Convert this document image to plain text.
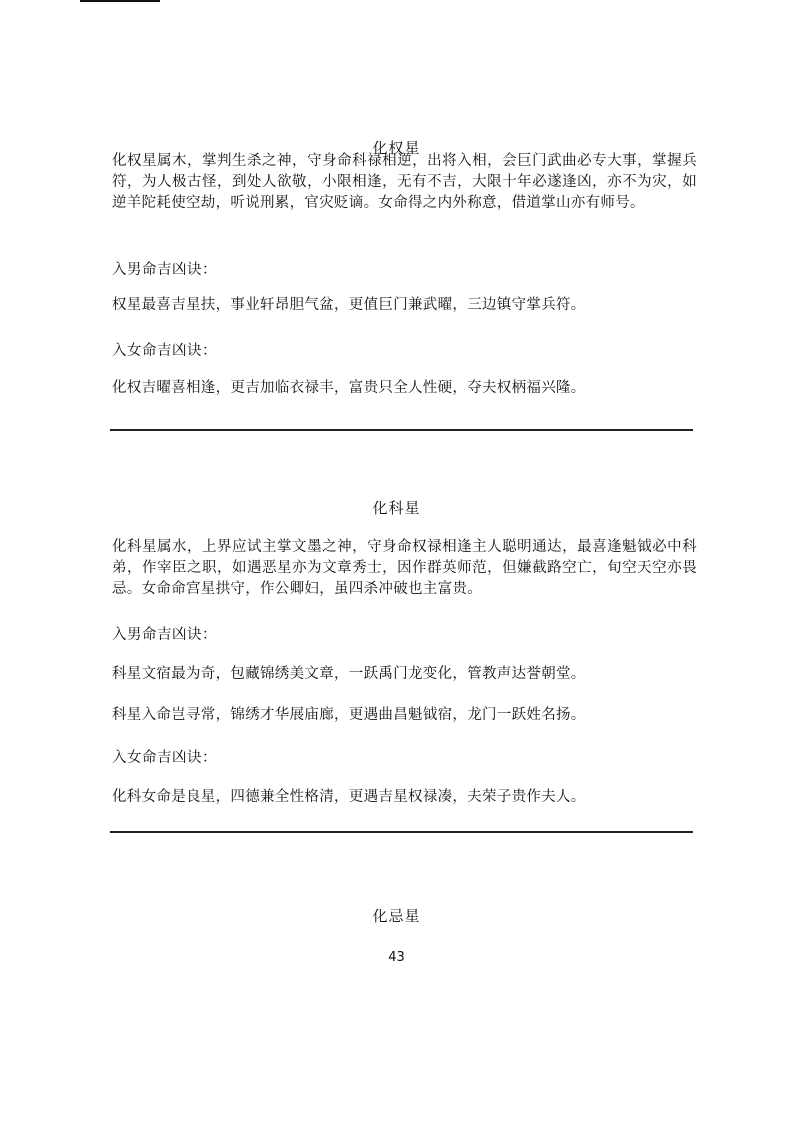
化权星
化权星属木，掌判生杀之神，守身命科禄相逆，出将入相，会巨门武曲必专大事，掌握兵符，为人极古怪，到处人欲敬，小限相逢，无有不吉，大限十年必遂逢凶，亦不为灾，如逆羊陀耗使空劫，听说刑累，官灾贬谪。女命得之内外称意，借道掌山亦有师号。
入男命吉凶诀：
权星最喜吉星扶，事业轩昂胆气盆，更值巨门兼武曜，三边镇守掌兵符。
入女命吉凶诀：
化权吉曜喜相逢，更吉加临衣禄丰，富贵只全人性硬，夺夫权柄福兴隆。
化科星
化科星属水，上界应试主掌文墨之神，守身命权禄相逢主人聪明通达，最喜逢魁钺必中科弟，作宰臣之职，如遇恶星亦为文章秀士，因作群英师范，但嫌截路空亡，旬空天空亦畏忌。女命命宫星拱守，作公卿妇，虽四杀冲破也主富贵。
入男命吉凶诀：
科星文宿最为奇，包藏锦绣美文章，一跃禹门龙变化，管教声达誉朝堂。
科星入命岂寻常，锦绣才华展庙廊，更遇曲昌魁钺宿，龙门一跃姓名扬。
入女命吉凶诀：
化科女命是良星，四德兼全性格清，更遇吉星权禄凑，夫荣子贵作夫人。
化忌星
43
